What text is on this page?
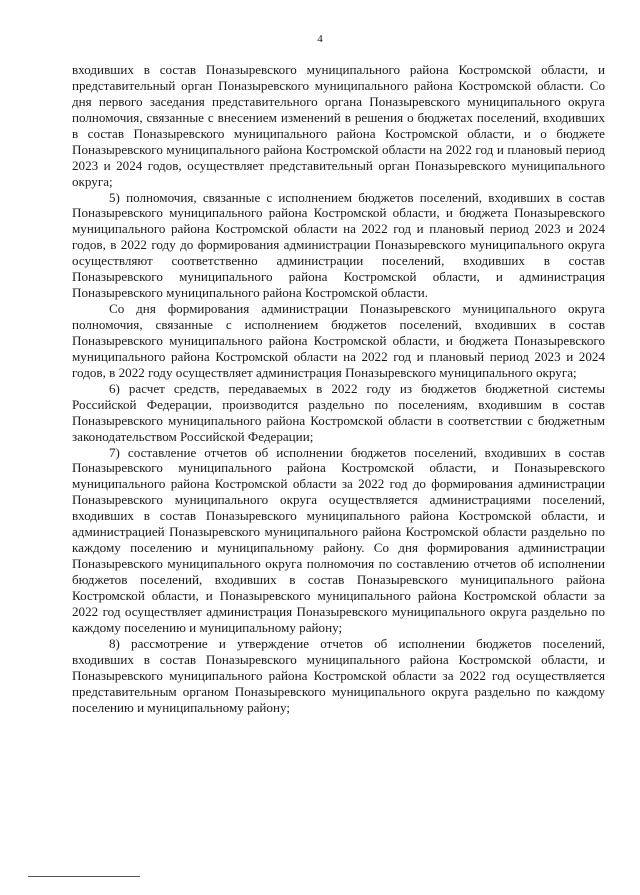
4

входивших в состав Поназыревского муниципального района Костромской области, и представительный орган Поназыревского муниципального района Костромской области. Со дня первого заседания представительного органа Поназыревского муниципального округа полномочия, связанные с внесением изменений в решения о бюджетах поселений, входивших в состав Поназыревского муниципального района Костромской области, и о бюджете Поназыревского муниципального района Костромской области на 2022 год и плановый период 2023 и 2024 годов, осуществляет представительный орган Поназыревского муниципального округа;

5) полномочия, связанные с исполнением бюджетов поселений, входивших в состав Поназыревского муниципального района Костромской области, и бюджета Поназыревского муниципального района Костромской области на 2022 год и плановый период 2023 и 2024 годов, в 2022 году до формирования администрации Поназыревского муниципального округа осуществляют соответственно администрации поселений, входивших в состав Поназыревского муниципального района Костромской области, и администрация Поназыревского муниципального района Костромской области.

Со дня формирования администрации Поназыревского муниципального округа полномочия, связанные с исполнением бюджетов поселений, входивших в состав Поназыревского муниципального района Костромской области, и бюджета Поназыревского муниципального района Костромской области на 2022 год и плановый период 2023 и 2024 годов, в 2022 году осуществляет администрация Поназыревского муниципального округа;

6) расчет средств, передаваемых в 2022 году из бюджетов бюджетной системы Российской Федерации, производится раздельно по поселениям, входившим в состав Поназыревского муниципального района Костромской области в соответствии с бюджетным законодательством Российской Федерации;

7) составление отчетов об исполнении бюджетов поселений, входивших в состав Поназыревского муниципального района Костромской области, и Поназыревского муниципального района Костромской области за 2022 год до формирования администрации Поназыревского муниципального округа осуществляется администрациями поселений, входивших в состав Поназыревского муниципального района Костромской области, и администрацией Поназыревского муниципального района Костромской области раздельно по каждому поселению и муниципальному району. Со дня формирования администрации Поназыревского муниципального округа полномочия по составлению отчетов об исполнении бюджетов поселений, входивших в состав Поназыревского муниципального района Костромской области, и Поназыревского муниципального района Костромской области за 2022 год осуществляет администрация Поназыревского муниципального округа раздельно по каждому поселению и муниципальному району;

8) рассмотрение и утверждение отчетов об исполнении бюджетов поселений, входивших в состав Поназыревского муниципального района Костромской области, и Поназыревского муниципального района Костромской области за 2022 год осуществляется представительным органом Поназыревского муниципального округа раздельно по каждому поселению и муниципальному району;
